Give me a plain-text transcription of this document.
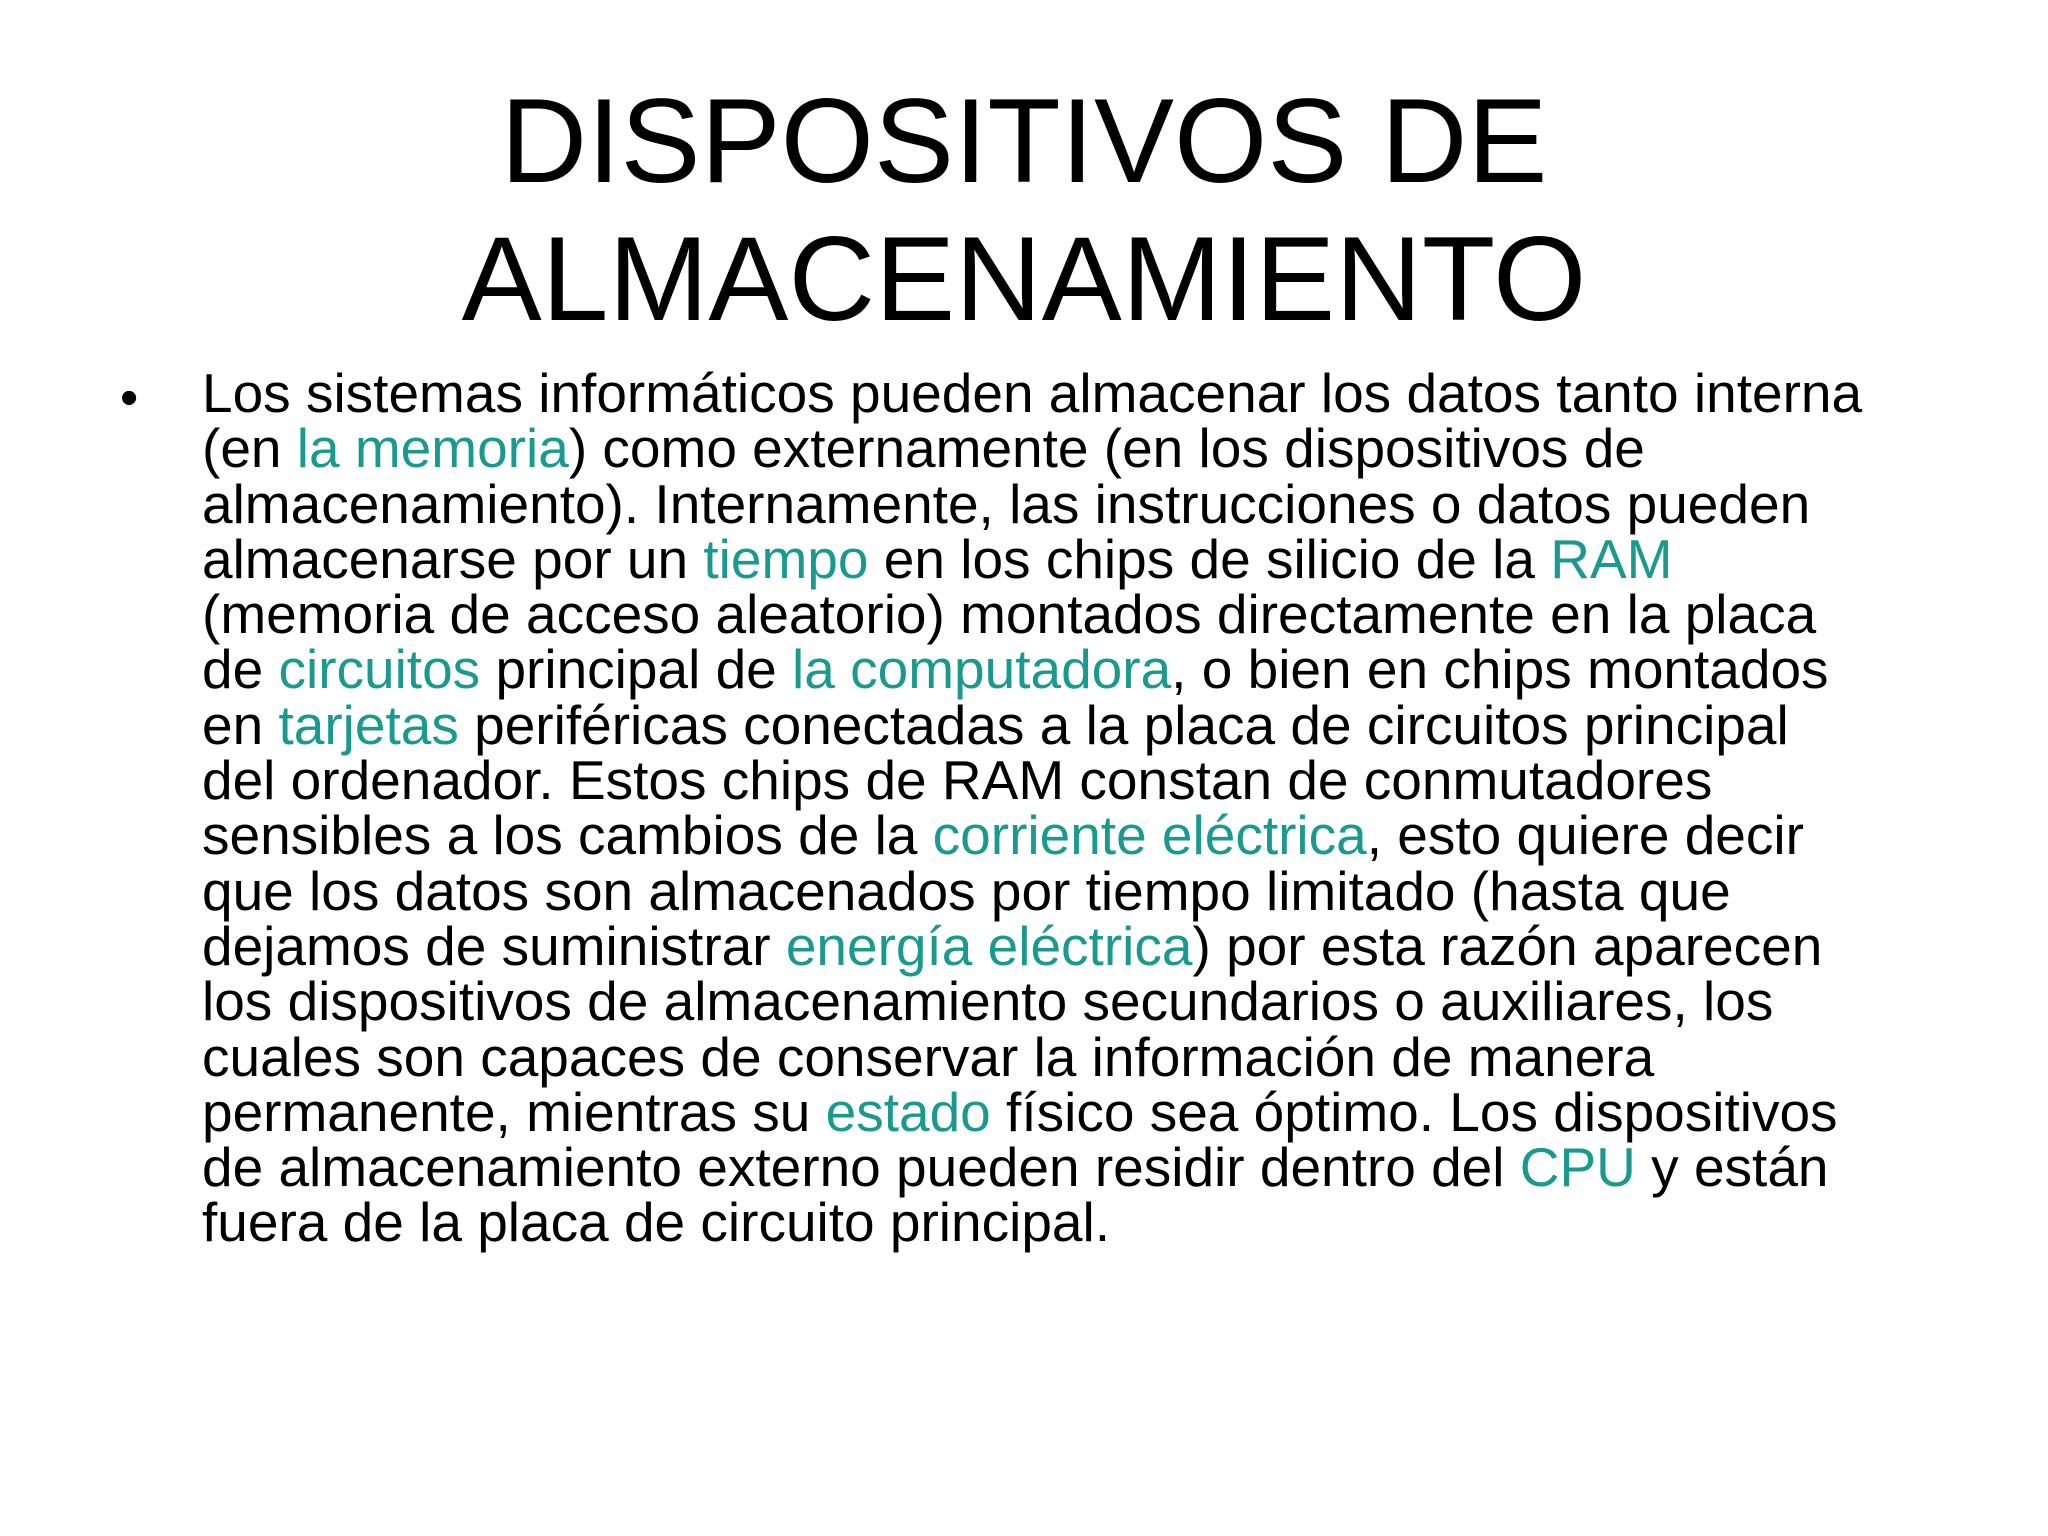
DISPOSITIVOS DE
ALMACENAMIENTO
• Los sistemas informáticos pueden almacenar los datos tanto interna
(en la memoria) como externamente (en los dispositivos de
almacenamiento). Internamente, las instrucciones o datos pueden
almacenarse por un tiempo en los chips de silicio de la RAM
(memoria de acceso aleatorio) montados directamente en la placa
de circuitos principal de la computadora, o bien en chips montados
en tarjetas periféricas conectadas a la placa de circuitos principal
del ordenador. Estos chips de RAM constan de conmutadores
sensibles a los cambios de la corriente eléctrica, esto quiere decir
que los datos son almacenados por tiempo limitado (hasta que
dejamos de suministrar energía eléctrica) por esta razón aparecen
los dispositivos de almacenamiento secundarios o auxiliares, los
cuales son capaces de conservar la información de manera
permanente, mientras su estado físico sea óptimo. Los dispositivos
de almacenamiento externo pueden residir dentro del CPU y están
fuera de la placa de circuito principal.
